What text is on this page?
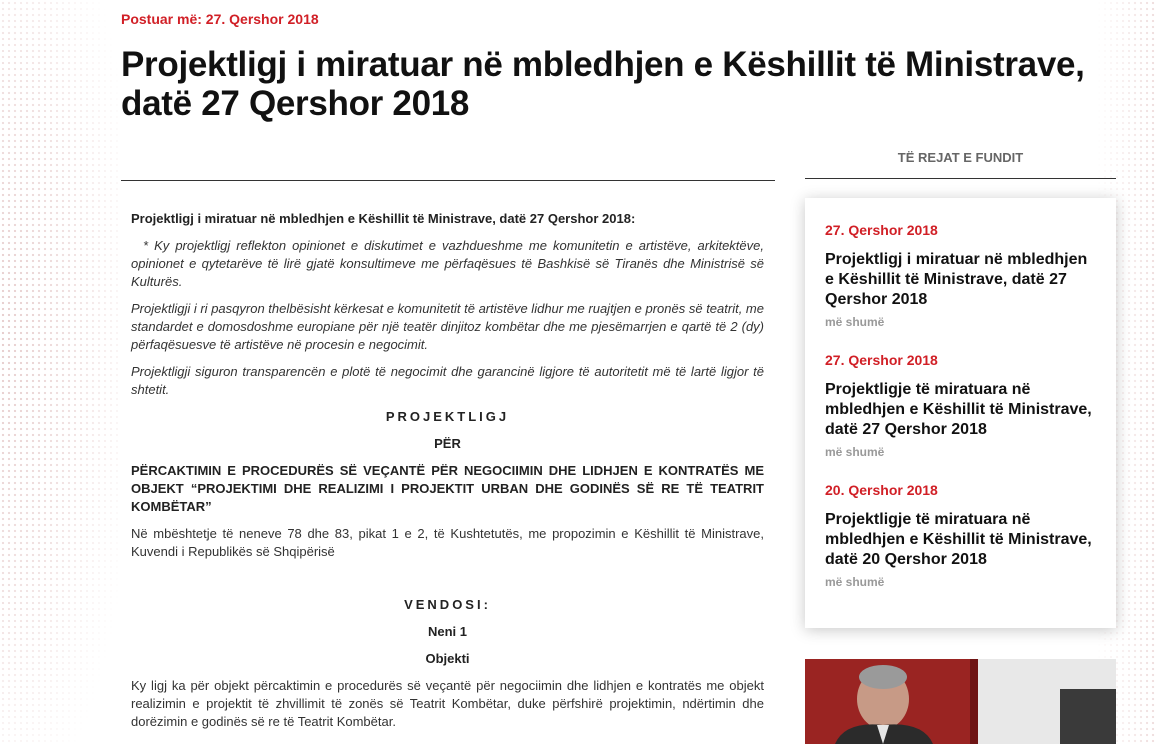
Postuar më: 27. Qershor 2018
Projektligj i miratuar në mbledhjen e Këshillit të Ministrave, datë 27 Qershor 2018

Projektligj i miratuar në mbledhjen e Këshillit të Ministrave, datë 27 Qershor 2018:

* Ky projektligj reflekton opinionet e diskutimet e vazhdueshme me komunitetin e artistëve, arkitektëve, opinionet e qytetarëve të lirë gjatë konsultimeve me përfaqësues të Bashkisë së Tiranës dhe Ministrisë së Kulturës.

Projektligji i ri pasqyron thelbësisht kërkesat e komunitetit të artistëve lidhur me ruajtjen e pronës së teatrit, me standardet e domosdoshme europiane për një teatër dinjitoz kombëtar dhe me pjesëmarrjen e qartë të 2 (dy) përfaqësuesve të artistëve në procesin e negocimit.

Projektligji siguron transparencën e plotë të negocimit dhe garancinë ligjore të autoritetit më të lartë ligjor të shtetit.

PROJEKTLIGJ

PËR

PËRCAKTIMIN E PROCEDURËS SË VEÇANTË PËR NEGOCIIMIN DHE LIDHJEN E KONTRATËS ME OBJEKT “PROJEKTIMI DHE REALIZIMI I PROJEKTIT URBAN DHE GODINËS SË RE TË TEATRIT KOMBËTAR”

Në mbështetje të neneve 78 dhe 83, pikat 1 e 2, të Kushtetutës, me propozimin e Këshillit të Ministrave, Kuvendi i Republikës së Shqipërisë

VENDOSI:

Neni 1

Objekti

Ky ligj ka për objekt përcaktimin e procedurës së veçantë për negociimin dhe lidhjen e kontratës me objekt realizimin e projektit të zhvillimit të zonës së Teatrit Kombëtar, duke përfshirë projektimin, ndërtimin dhe dorëzimin e godinës së re të Teatrit Kombëtar.

TË REJAT E FUNDIT
27. Qershor 2018
Projektligj i miratuar në mbledhjen e Këshillit të Ministrave, datë 27 Qershor 2018
më shumë
27. Qershor 2018
Projektligje të miratuara në mbledhjen e Këshillit të Ministrave, datë 27 Qershor 2018
më shumë
20. Qershor 2018
Projektligje të miratuara në mbledhjen e Këshillit të Ministrave, datë 20 Qershor 2018
më shumë
